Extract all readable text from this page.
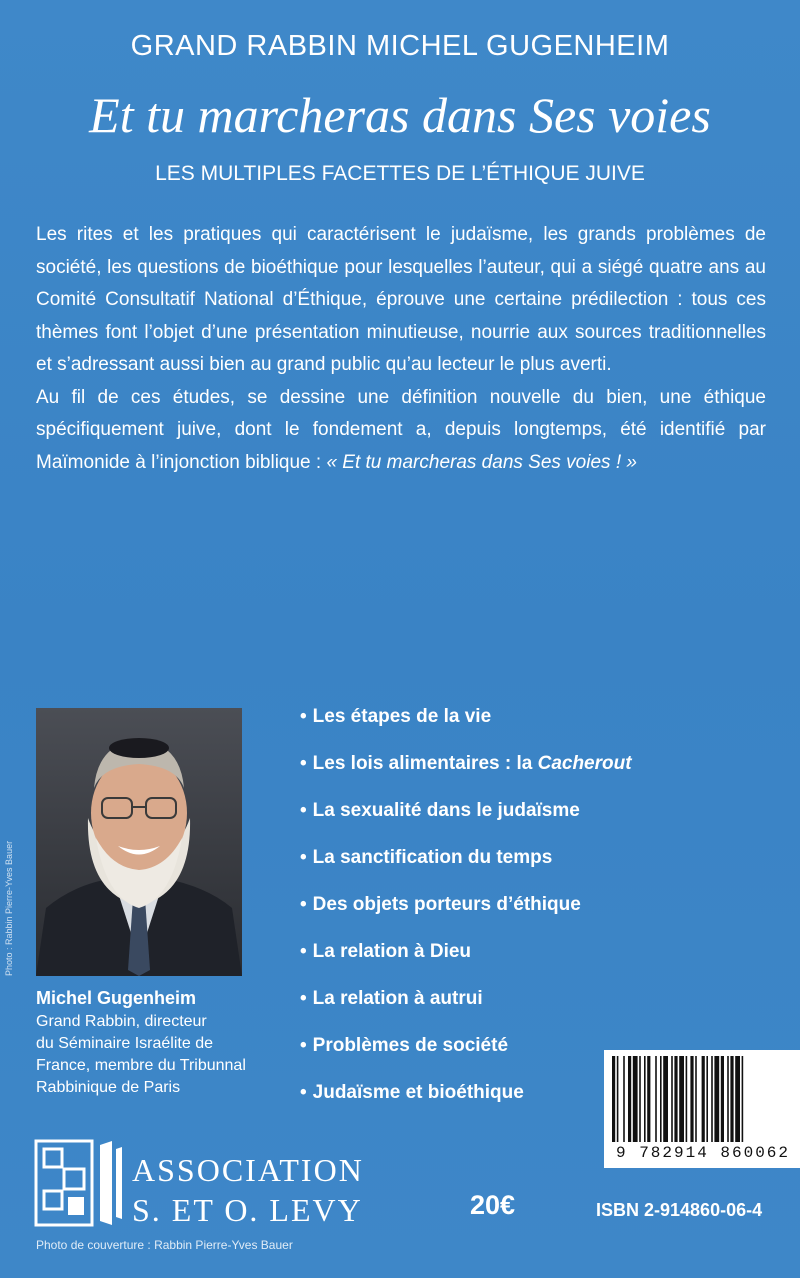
GRAND RABBIN MICHEL GUGENHEIM
Et tu marcheras dans Ses voies
LES MULTIPLES FACETTES DE L’ÉTHIQUE JUIVE

Les rites et les pratiques qui caractérisent le judaïsme, les grands problèmes de société, les questions de bioéthique pour lesquelles l’auteur, qui a siégé quatre ans au Comité Consultatif National d’Éthique, éprouve une certaine prédilection : tous ces thèmes font l’objet d’une présentation minutieuse, nourrie aux sources traditionnelles et s’adressant aussi bien au grand public qu’au lecteur le plus averti.

Au fil de ces études, se dessine une définition nouvelle du bien, une éthique spécifiquement juive, dont le fondement a, depuis longtemps, été identifié par Maïmonide à l’injonction biblique : « Et tu marcheras dans Ses voies ! »

Photo : Rabbin Pierre-Yves Bauer
Michel Gugenheim
Grand Rabbin, directeur
du Séminaire Israélite de
France, membre du Tribunnal
Rabbinique de Paris
• Les étapes de la vie
• Les lois alimentaires : la Cacherout
• La sexualité dans le judaïsme
• La sanctification du temps
• Des objets porteurs d’éthique
• La relation à Dieu
• La relation à autrui
• Problèmes de société
• Judaïsme et bioéthique
9 782914 860062
ISBN 2-914860-06-4
20€
ASSOCIATION
S. ET O. LEVY
Photo de couverture : Rabbin Pierre-Yves Bauer
